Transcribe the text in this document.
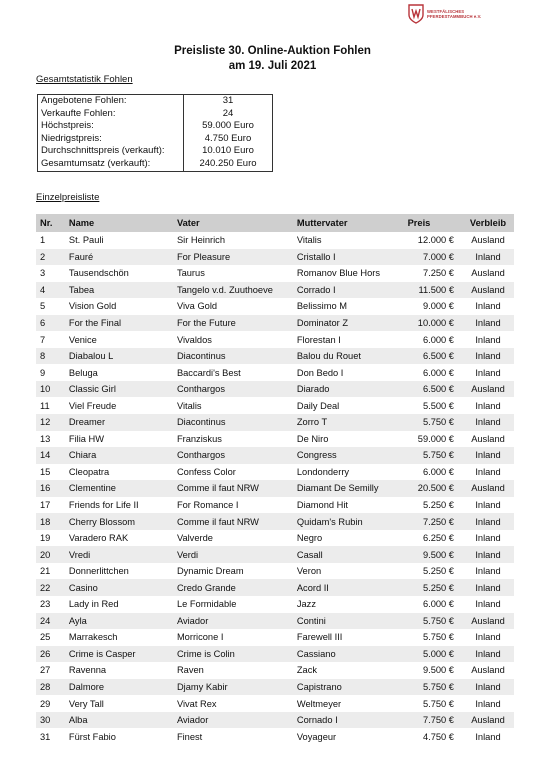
WESTFÄLISCHES
PFERDESTAMMBUCH e.V.
Preisliste 30. Online-Auktion Fohlen
am 19. Juli 2021
Gesamtstatistik Fohlen
Angebotene Fohlen:	31
Verkaufte Fohlen:	24
Höchstpreis:	59.000 Euro
Niedrigstpreis:	4.750 Euro
Durchschnittspreis (verkauft):	10.010 Euro
Gesamtumsatz (verkauft):	240.250 Euro
Einzelpreisliste
Nr.	Name	Vater	Muttervater	Preis	Verbleib
1	St. Pauli	Sir Heinrich	Vitalis	12.000 €	Ausland
2	Fauré	For Pleasure	Cristallo I	7.000 €	Inland
3	Tausendschön	Taurus	Romanov Blue Hors	7.250 €	Ausland
4	Tabea	Tangelo v.d. Zuuthoeve	Corrado I	11.500 €	Ausland
5	Vision Gold	Viva Gold	Belissimo M	9.000 €	Inland
6	For the Final	For the Future	Dominator Z	10.000 €	Inland
7	Venice	Vivaldos	Florestan I	6.000 €	Inland
8	Diabalou L	Diacontinus	Balou du Rouet	6.500 €	Inland
9	Beluga	Baccardi's Best	Don Bedo I	6.000 €	Inland
10	Classic Girl	Conthargos	Diarado	6.500 €	Ausland
11	Viel Freude	Vitalis	Daily Deal	5.500 €	Inland
12	Dreamer	Diacontinus	Zorro T	5.750 €	Inland
13	Filia HW	Franziskus	De Niro	59.000 €	Ausland
14	Chiara	Conthargos	Congress	5.750 €	Inland
15	Cleopatra	Confess Color	Londonderry	6.000 €	Inland
16	Clementine	Comme il faut NRW	Diamant De Semilly	20.500 €	Ausland
17	Friends for Life II	For Romance I	Diamond Hit	5.250 €	Inland
18	Cherry Blossom	Comme il faut NRW	Quidam's Rubin	7.250 €	Inland
19	Varadero RAK	Valverde	Negro	6.250 €	Inland
20	Vredi	Verdi	Casall	9.500 €	Inland
21	Donnerlittchen	Dynamic Dream	Veron	5.250 €	Inland
22	Casino	Credo Grande	Acord II	5.250 €	Inland
23	Lady in Red	Le Formidable	Jazz	6.000 €	Inland
24	Ayla	Aviador	Contini	5.750 €	Ausland
25	Marrakesch	Morricone I	Farewell III	5.750 €	Inland
26	Crime is Casper	Crime is Colin	Cassiano	5.000 €	Inland
27	Ravenna	Raven	Zack	9.500 €	Ausland
28	Dalmore	Djamy Kabir	Capistrano	5.750 €	Inland
29	Very Tall	Vivat Rex	Weltmeyer	5.750 €	Inland
30	Alba	Aviador	Cornado I	7.750 €	Ausland
31	Fürst Fabio	Finest	Voyageur	4.750 €	Inland
